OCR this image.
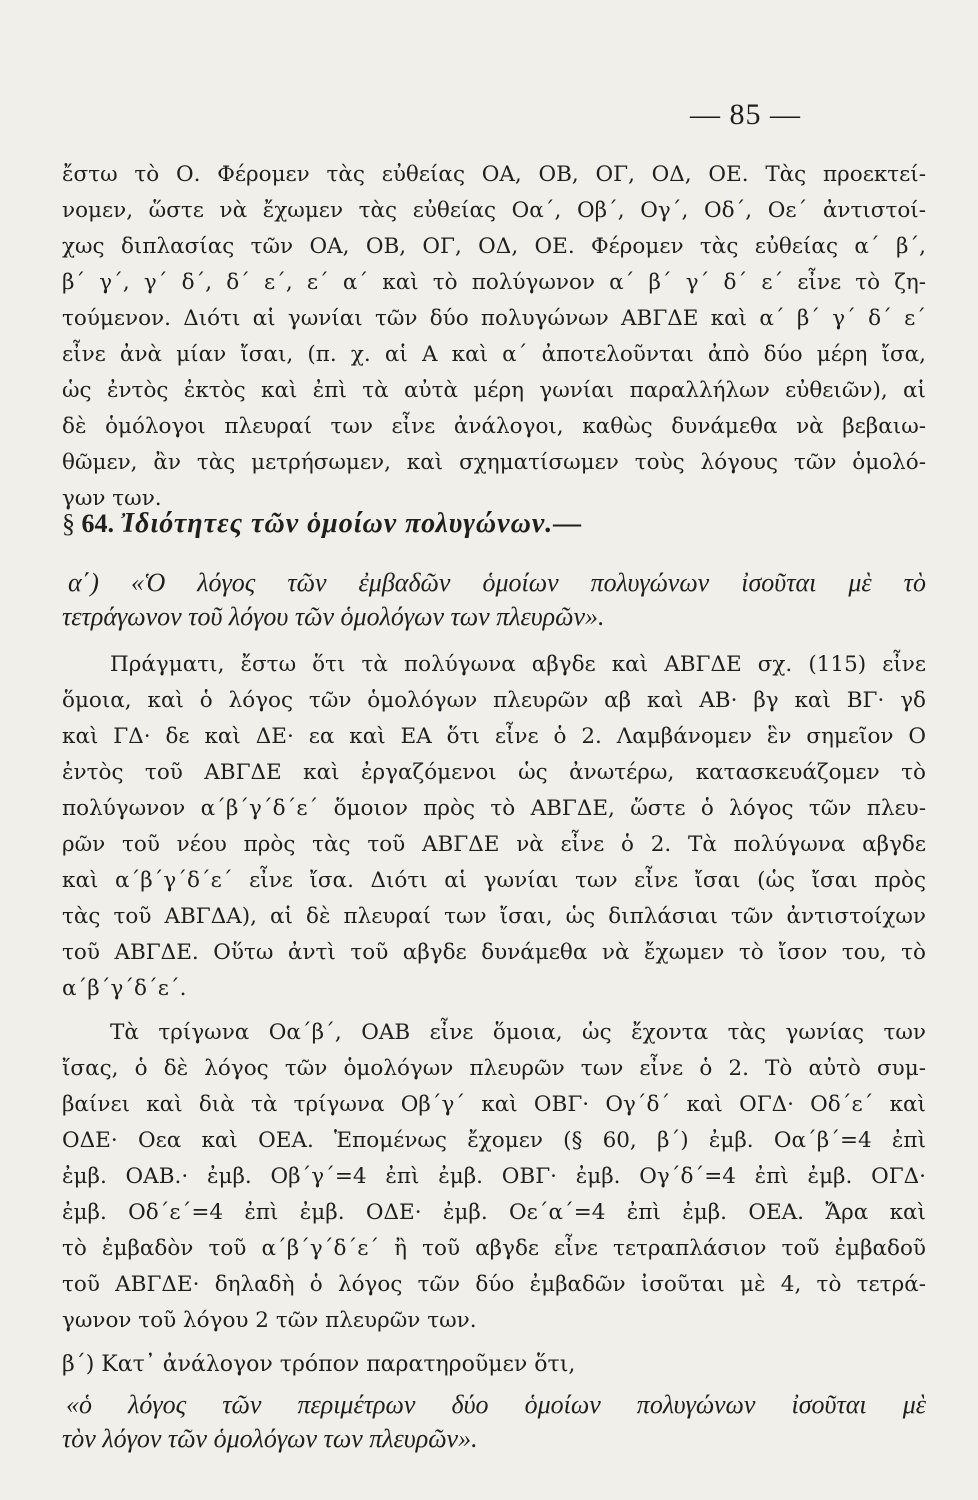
— 85 —
ἔστω τὸ Ο. Φέρομεν τὰς εὐθείας ΟΑ, ΟΒ, ΟΓ, ΟΔ, ΟΕ. Τὰς προεκτεί-
νομεν, ὥστε νὰ ἔχωμεν τὰς εὐθείας Οα΄, Οβ΄, Ογ΄, Οδ΄, Οε΄ ἀντιστοί-
χως διπλασίας τῶν ΟΑ, ΟΒ, ΟΓ, ΟΔ, ΟΕ. Φέρομεν τὰς εὐθείας α΄ β΄,
β΄ γ΄, γ΄ δ΄, δ΄ ε΄, ε΄ α΄ καὶ τὸ πολύγωνον α΄ β΄ γ΄ δ΄ ε΄ εἶνε τὸ ζη-
τούμενον. Διότι αἱ γωνίαι τῶν δύο πολυγώνων ΑΒΓΔΕ καὶ α΄ β΄ γ΄ δ΄ ε΄
εἶνε ἀνὰ μίαν ἴσαι, (π. χ. αἱ Α καὶ α΄ ἀποτελοῦνται ἀπὸ δύο μέρη ἴσα,
ὡς ἐντὸς ἐκτὸς καὶ ἐπὶ τὰ αὐτὰ μέρη γωνίαι παραλλήλων εὐθειῶν), αἱ
δὲ ὁμόλογοι πλευραί των εἶνε ἀνάλογοι, καθὼς δυνάμεθα νὰ βεβαιω-
θῶμεν, ἂν τὰς μετρήσωμεν, καὶ σχηματίσωμεν τοὺς λόγους τῶν ὁμολό-
γων των.
§ 64. Ἰδιότητες τῶν ὁμοίων πολυγώνων.—
α΄) «Ὁ λόγος τῶν ἐμβαδῶν ὁμοίων πολυγώνων ἰσοῦται μὲ τὸ
τετράγωνον τοῦ λόγου τῶν ὁμολόγων των πλευρῶν».
Πράγματι, ἔστω ὅτι τὰ πολύγωνα αβγδε καὶ ΑΒΓΔΕ σχ. (115) εἶνε
ὅμοια, καὶ ὁ λόγος τῶν ὁμολόγων πλευρῶν αβ καὶ ΑΒ· βγ καὶ ΒΓ· γδ
καὶ ΓΔ· δε καὶ ΔΕ· εα καὶ ΕΑ ὅτι εἶνε ὁ 2. Λαμβάνομεν ἓν σημεῖον Ο
ἐντὸς τοῦ ΑΒΓΔΕ καὶ ἐργαζόμενοι ὡς ἀνωτέρω, κατασκευάζομεν τὸ
πολύγωνον α΄β΄γ΄δ΄ε΄ ὅμοιον πρὸς τὸ ΑΒΓΔΕ, ὥστε ὁ λόγος τῶν πλευ-
ρῶν τοῦ νέου πρὸς τὰς τοῦ ΑΒΓΔΕ νὰ εἶνε ὁ 2. Τὰ πολύγωνα αβγδε
καὶ α΄β΄γ΄δ΄ε΄ εἶνε ἴσα. Διότι αἱ γωνίαι των εἶνε ἴσαι (ὡς ἴσαι πρὸς
τὰς τοῦ ΑΒΓΔΑ), αἱ δὲ πλευραί των ἴσαι, ὡς διπλάσιαι τῶν ἀντιστοίχων
τοῦ ΑΒΓΔΕ. Οὕτω ἀντὶ τοῦ αβγδε δυνάμεθα νὰ ἔχωμεν τὸ ἴσον του, τὸ
α΄β΄γ΄δ΄ε΄.
Τὰ τρίγωνα Οα΄β΄, ΟΑΒ εἶνε ὅμοια, ὡς ἔχοντα τὰς γωνίας των
ἴσας, ὁ δὲ λόγος τῶν ὁμολόγων πλευρῶν των εἶνε ὁ 2. Τὸ αὐτὸ συμ-
βαίνει καὶ διὰ τὰ τρίγωνα Οβ΄γ΄ καὶ ΟΒΓ· Ογ΄δ΄ καὶ ΟΓΔ· Οδ΄ε΄ καὶ
ΟΔΕ· Οεα καὶ ΟΕΑ. Ἑπομένως ἔχομεν (§ 60, β΄) ἐμβ. Οα΄β΄=4 ἐπὶ
ἐμβ. ΟΑΒ.· ἐμβ. Οβ΄γ΄=4 ἐπὶ ἐμβ. ΟΒΓ· ἐμβ. Ογ΄δ΄=4 ἐπὶ ἐμβ. ΟΓΔ·
ἐμβ. Οδ΄ε΄=4 ἐπὶ ἐμβ. ΟΔΕ· ἐμβ. Οε΄α΄=4 ἐπὶ ἐμβ. ΟΕΑ. Ἄρα καὶ
τὸ ἐμβαδὸν τοῦ α΄β΄γ΄δ΄ε΄ ἢ τοῦ αβγδε εἶνε τετραπλάσιον τοῦ ἐμβαδοῦ
τοῦ ΑΒΓΔΕ· δηλαδὴ ὁ λόγος τῶν δύο ἐμβαδῶν ἰσοῦται μὲ 4, τὸ τετρά-
γωνον τοῦ λόγου 2 τῶν πλευρῶν των.
β΄) Κατ᾽ ἀνάλογον τρόπον παρατηροῦμεν ὅτι,
«ὁ λόγος τῶν περιμέτρων δύο ὁμοίων πολυγώνων ἰσοῦται μὲ
τὸν λόγον τῶν ὁμολόγων των πλευρῶν».
